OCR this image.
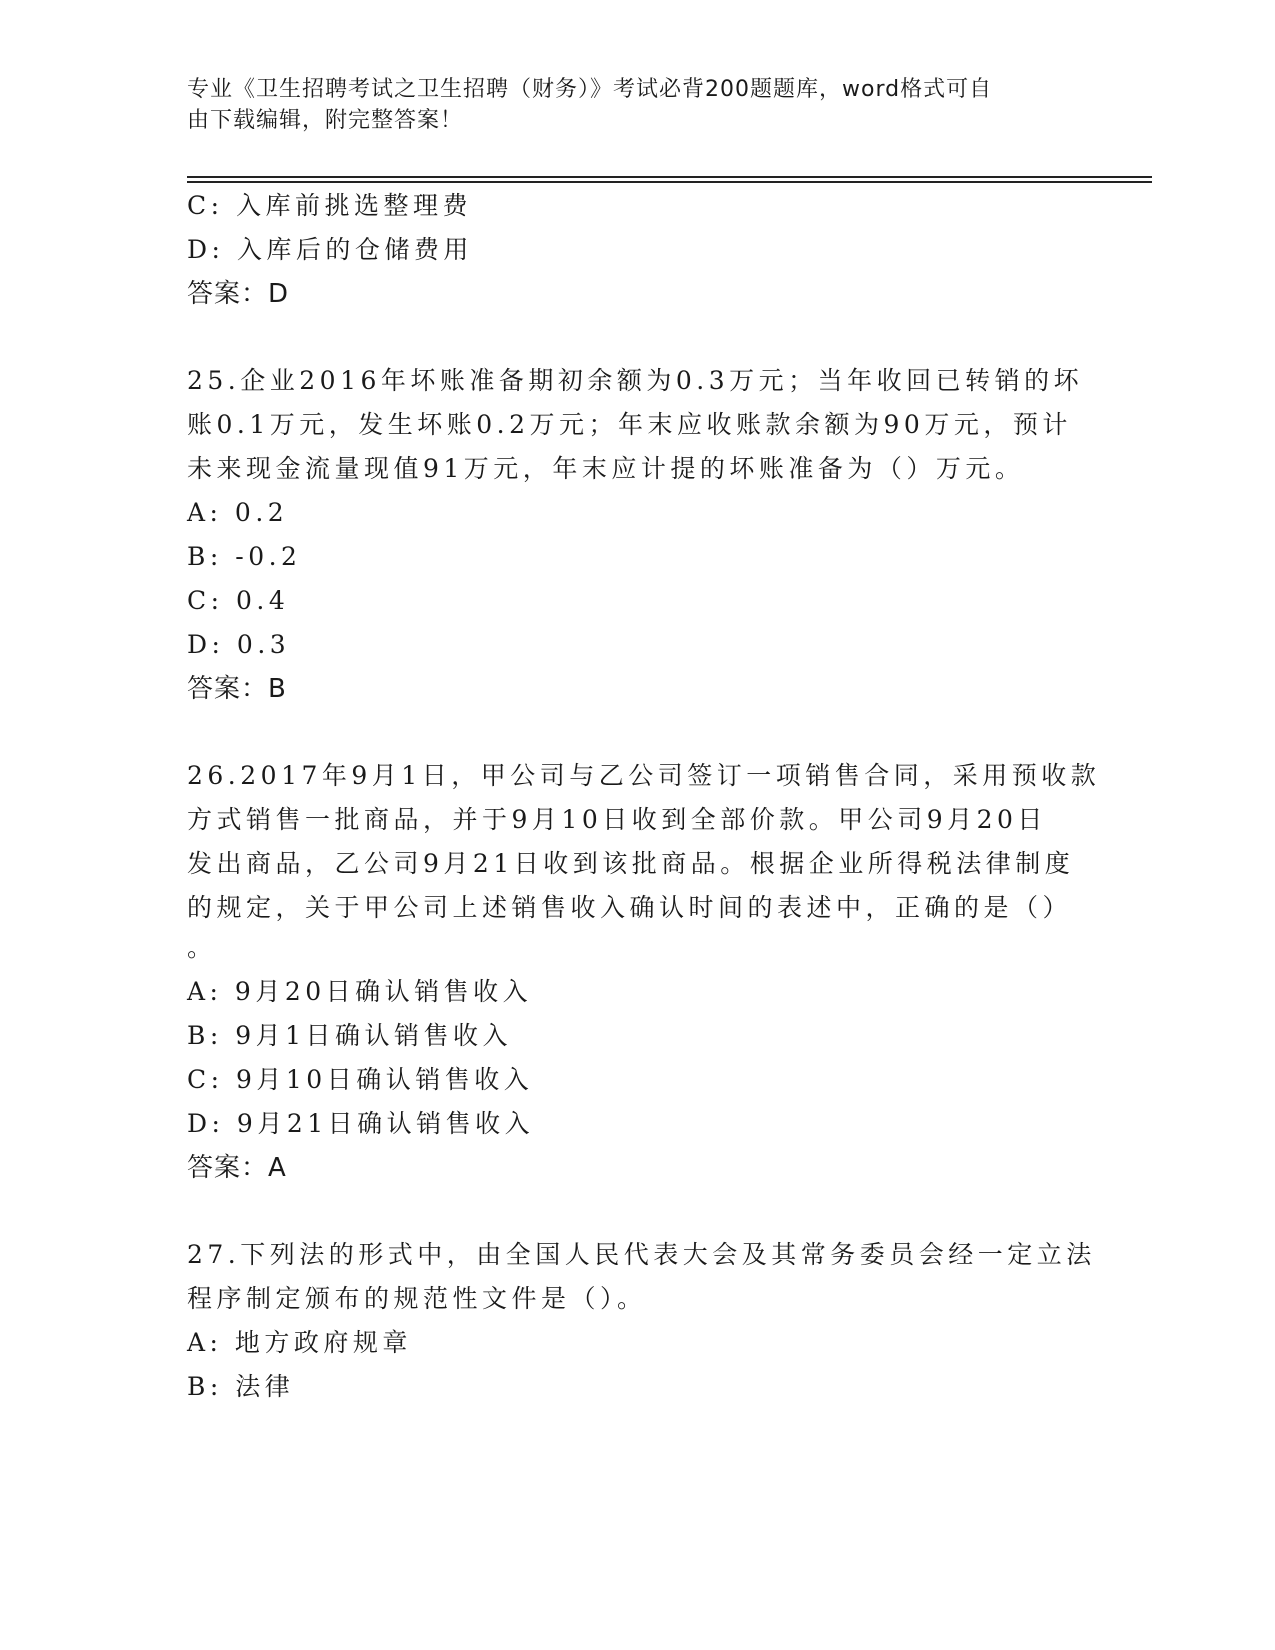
专业《卫生招聘考试之卫生招聘（财务）》考试必背200题题库，word格式可自
由下载编辑，附完整答案！
C: 入库前挑选整理费
D: 入库后的仓储费用
答案：D
25.企业2016年坏账准备期初余额为0.3万元；当年收回已转销的坏
账0.1万元，发生坏账0.2万元；年末应收账款余额为90万元，预计
未来现金流量现值91万元，年末应计提的坏账准备为（）万元。
A: 0.2
B: -0.2
C: 0.4
D: 0.3
答案：B
26.2017年9月1日，甲公司与乙公司签订一项销售合同，采用预收款
方式销售一批商品，并于9月10日收到全部价款。甲公司9月20日
发出商品，乙公司9月21日收到该批商品。根据企业所得税法律制度
的规定，关于甲公司上述销售收入确认时间的表述中，正确的是（）
。
A: 9月20日确认销售收入
B: 9月1日确认销售收入
C: 9月10日确认销售收入
D: 9月21日确认销售收入
答案：A
27.下列法的形式中，由全国人民代表大会及其常务委员会经一定立法
程序制定颁布的规范性文件是（）。
A: 地方政府规章
B: 法律
